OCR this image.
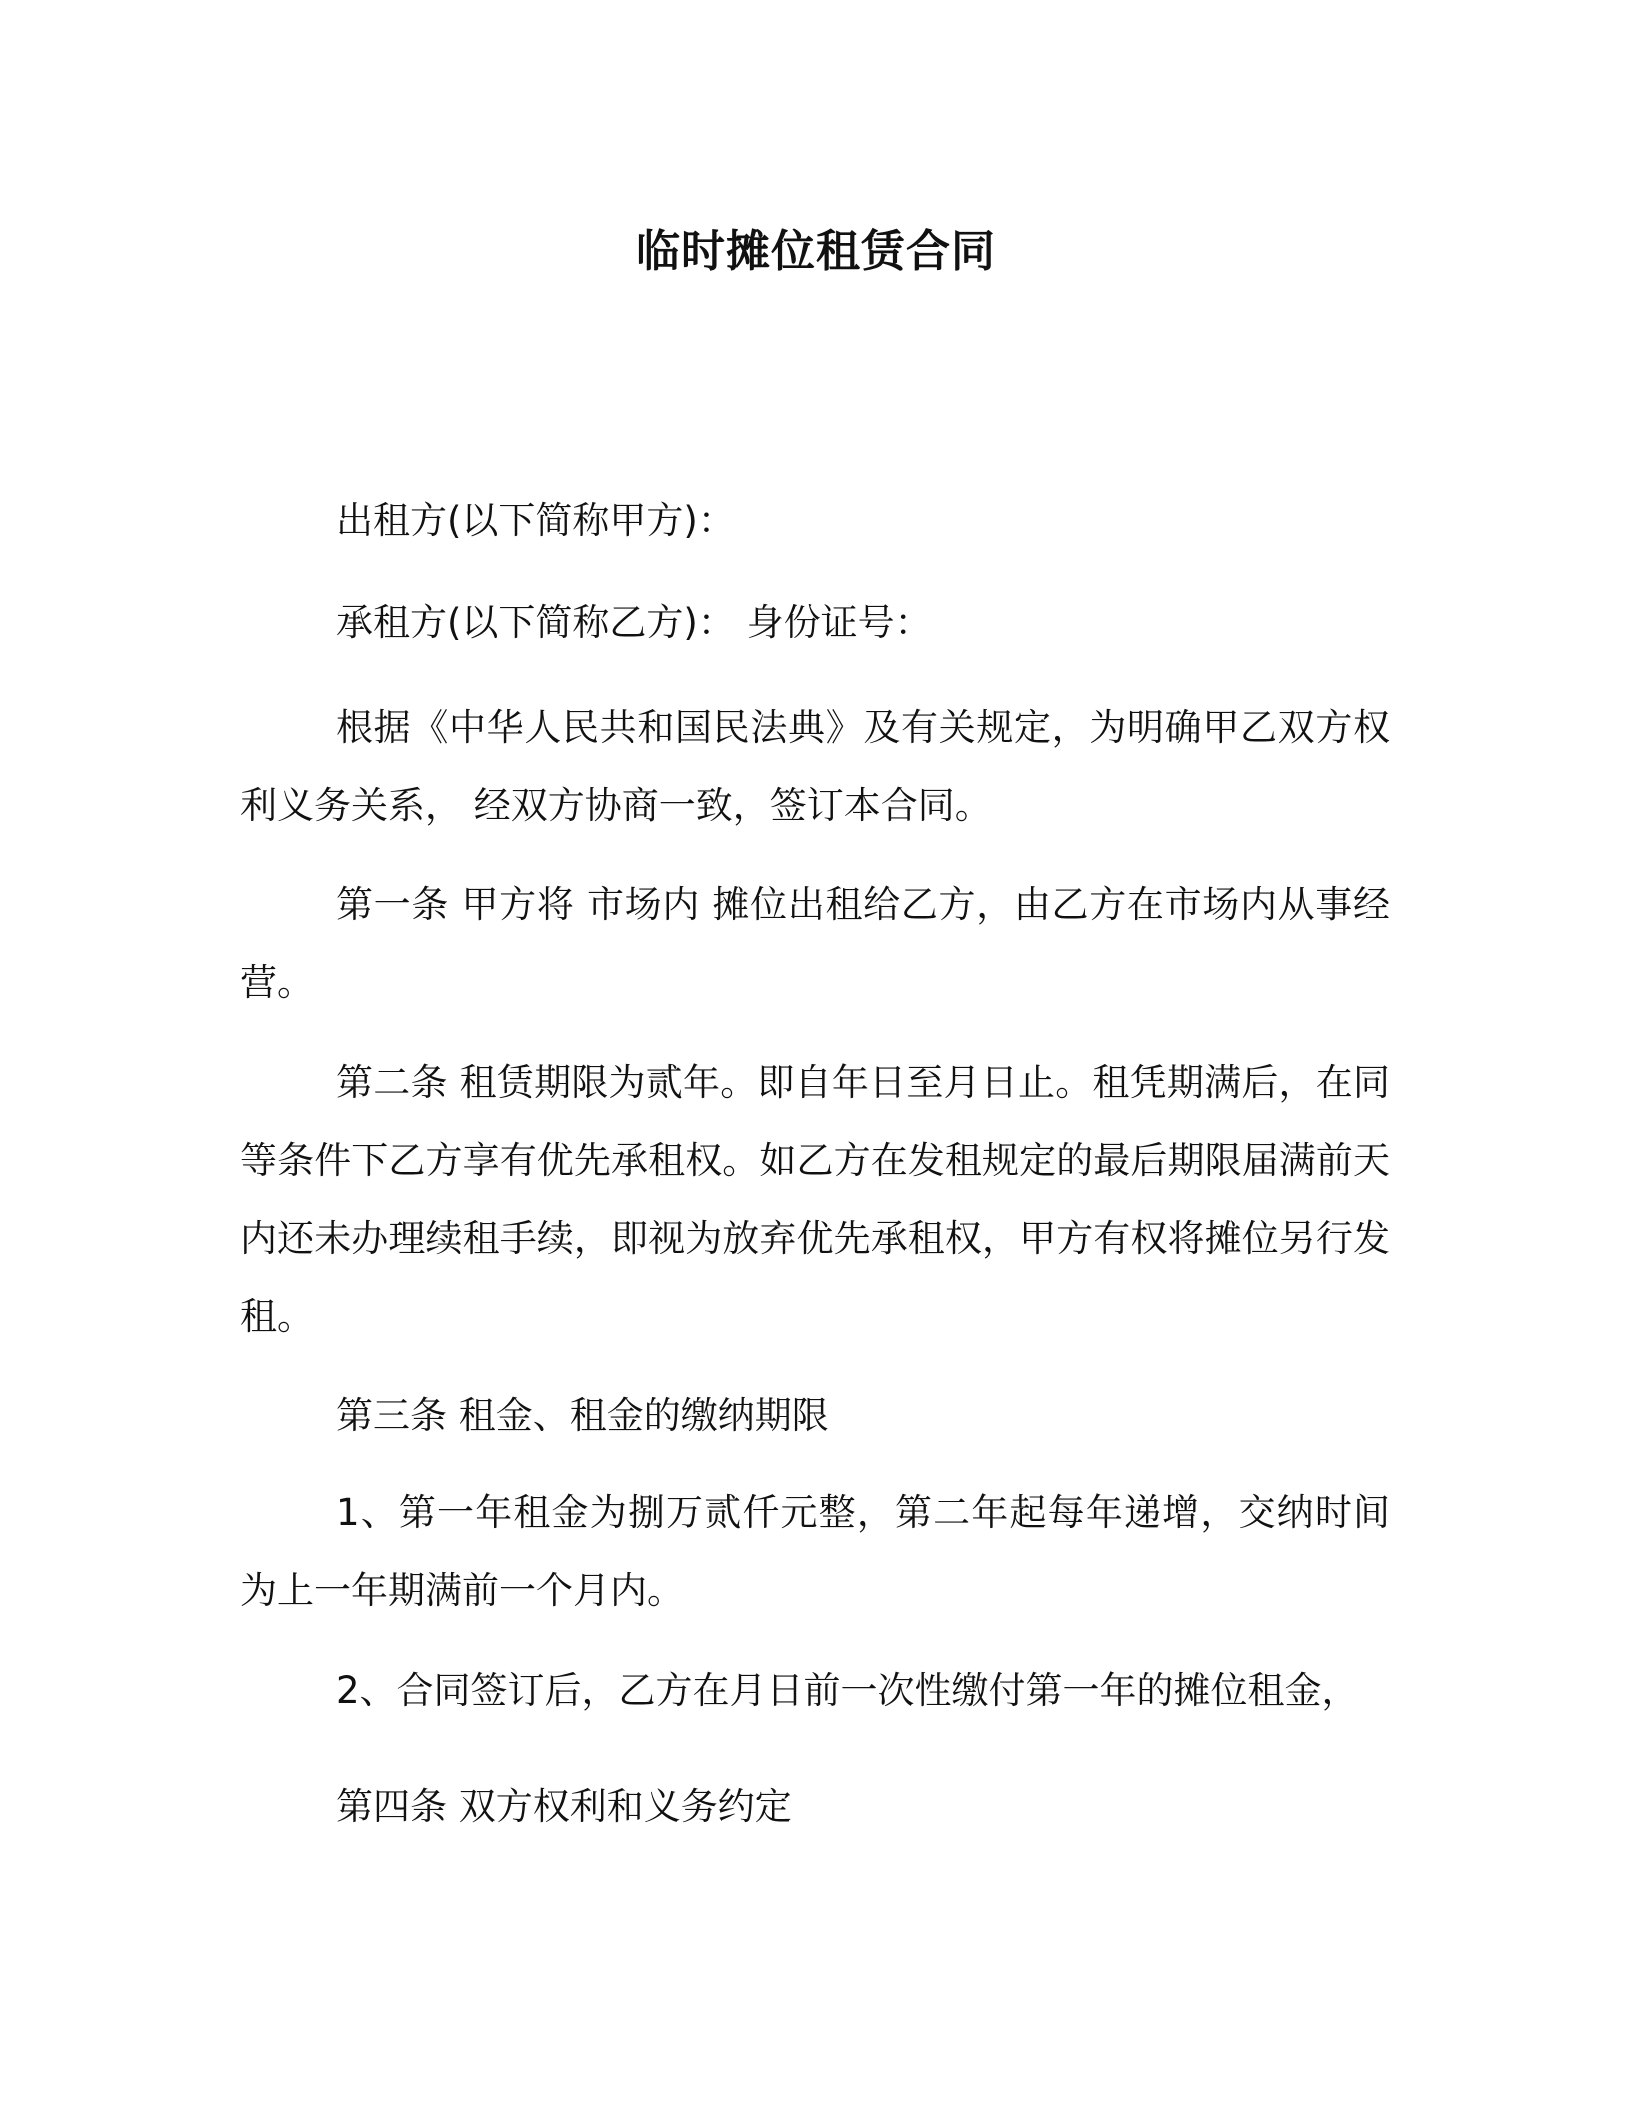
临时摊位租赁合同

出租方(以下简称甲方)：

承租方(以下简称乙方)： 身份证号：

根据《中华人民共和国民法典》及有关规定，为明确甲乙双方权利义务关系， 经双方协商一致，签订本合同。

第一条 甲方将 市场内 摊位出租给乙方，由乙方在市场内从事经营。

第二条 租赁期限为贰年。即自年日至月日止。租凭期满后，在同等条件下乙方享有优先承租权。如乙方在发租规定的最后期限届满前天内还未办理续租手续，即视为放弃优先承租权，甲方有权将摊位另行发租。

第三条 租金、租金的缴纳期限

1、第一年租金为捌万贰仟元整，第二年起每年递增，交纳时间为上一年期满前一个月内。

2、合同签订后，乙方在月日前一次性缴付第一年的摊位租金，

第四条 双方权利和义务约定
